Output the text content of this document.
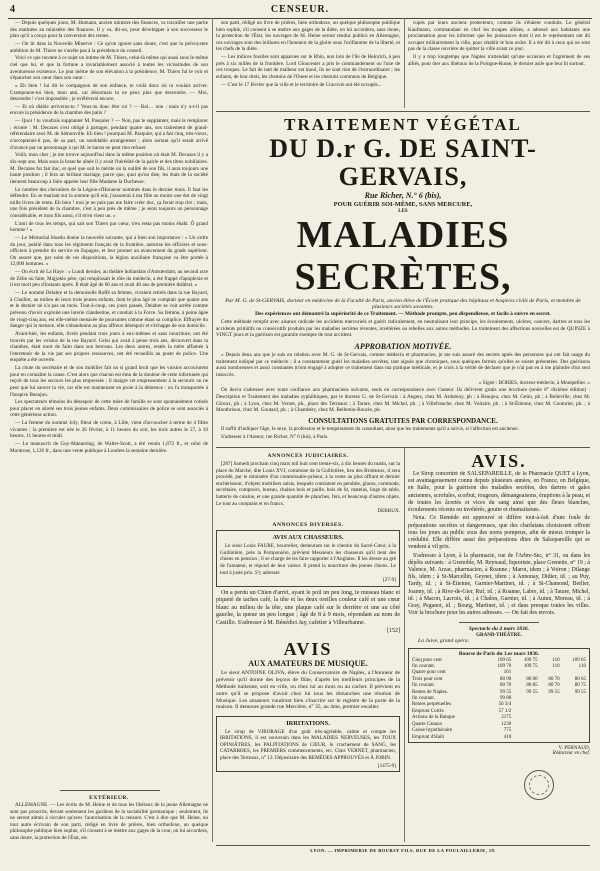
4	CENSEUR.

— Depuis quelques jours, M. Humann, ancien ministre des finances, va travailler une partie des matinées au ministère des finances. Il y va, dit-on, pour développer à son successeur le plan qu'il a conçu pour la conversion des rentes.

— On lit dans la Nouvelle Minerve : Ce qu'on ignore sans doute, c'est que la prévoyante ambition de M. Thiers ne s'arrête pas à la présidence du conseil.

Voici ce que raconte à ce sujet un intime de M. Thiers, celui-là même qui aussi sous le même ciel que lui, et que la fortune a invariablement associé à toutes les vicissitudes de son aventureuse existence. Le jour même de son élévation à la présidence, M. Thiers fut le voir et s'épancher son cœur dans son cœur :

« Eh bien ! lui dit le compagnon de son enfance, te voilà donc où tu voulais arriver. Crampoune-toi bien, mon ami, car désormais tu ne peux plus que descendre. — Moi, descendre ! c'est impossible ; je m'élèverai encore.

— Et où diable arriveras-tu ? Veux-tu donc être roi ? — Roi… non ; mais n'y a-t-il pas encore la présidence de la chambre des pairs ?

— Quoi ! tu voudrais supplanter M. Pasquier ? — Non, pas le supplanter, mais le remplacer ; écoute : M. Decazes s'est obligé à partager, pendant quatre ans, son traitement de grand-référendaire avec M. de Sémonville. Eh bien ! pourquoi M. Pasquier, qui a fait cinq, très-vieux, n'accepterait-il pas, de sa part, un semblable arrangement ; alors sortant qu'il serait arrivé d'avance par un personnage à qui M. le baron ne peut rien refuser.

Voilà, mon cher ; je me trouve aujourd'hui dans la même position où était M. Decazes il y a dix-sept ans. Mais sous la branche aînée il y avait l'hérédité de la pairie et des titres nobiliaires. M. Decazes fut fait duc, et quel que soit le mérite ou la nullité de son fils, il aura toujours une haute position ; il fera un brillant mariage, parce que, quoi qu'on dise, les états de la société tiennent beaucoup à faire appeler leur fille Madame la Duchesse.

Le nombre des chevaliers de la Légion-d'Honneur nommés dans le dernier mois. Il faut les défendre. En se mariant sur la somme qu'il eût, j'assurerai à ma fille au moins une dot de vingt mille livres de rente. Eh bien ! moi je ne puis pas me faire créer duc, ça ferait trop rire ; mais, une fois président de la chambre, c'est à peu près de même ; je serai toujours un personnage considérable, et mon fils aussi, s'il m'en vient un. »

L'ami de tous les temps, qui sait son Thiers par cœur, n'en resta pas moins ébahi. Ô grand homme ! »

— Le Mémorial bluedu donne la nouvelle suivante, qui a bien son importance : « Un ordre du jour, publié dans tous les régiments français de la frontière, autorise les officiers et sous-officiers à prendre du service en Espagne, et leur promet un avancement du grade supérieur. On assure que, par suite de ces dispositions, la légion auxiliaire française va être portée à 12,000 hommes. »

— On écrit de La Haye : « Lundi dernier, au théâtre hollandais d'Amsterdam, au second acte de Zélie où faite, Majjoklo père, qui remplissait le rôle du médecin, a été frappé d'apoplexie et il est mort peu d'instants après. Il était âgé de 66 ans et avait 40 ans de première théâtral. »

— Le nommé Delabre et la demoiselle Roffé sa femme, vivaient retirés dans la rue Bayard, à Chaillot, au milieu de leurs trois jeunes enfants, dont le plus âgé ne comptait que quatre ans et le dernier né n'a pas un mois. Tout-à-coup, ces jours passés, Delabre se voit arrêté comme prévenu d'avoir exploité une loterie clandestine, et conduit à la Force. Sa femme, à peine âgée de vingt-cinq ans, est elle-même menacée de poursuites comme étant sa complice. Effrayée du danger qui la menace, elle s'abandonne au plus affreux désespoir et s'échappe de son domicile.

Avant-hier, les enfants, livrés pendant trois jours à eux-mêmes et sans nourriture, ont été trouvés par les voisins de la rue Bayard. Celui qui avait à peine trois ans, découvert dans la chambre, était mort de faim dans son berceau. Les deux autres, restés la mère affamée à l'entretenir de la vie par ses propres ressources, ont été recueillis au poste de police. Une enquête a été ouverte.

La chute du secrétaire et de son mobilier fait un si grand bruit que les voisins accoururent pour en connaître la cause. C'est alors que chacun est ému de la douleur de cette infortunée qui reçoit de tous les secours les plus empressés ; il maigre cet empressement à la secourir on ne peut que lui sauver la vie, car elle est maintenant en proie à la démence : on l'a transportée à l'hospice Beaujon.

Les spectateurs témoins du désespoir de cette mère de famille se sont spontanément cotisés pour placer en sûreté ses trois jeunes enfants. Deux commissaires de police se sont associés à cette généreuse action.

— La femme du nommé Joly, fileur de coton, à Lille, vient d'accoucher à terme de 4 filles vivantes ; la première est née le 26 février, à 11 heures du soir, les trois autres le 27, à 10 heures, 11 heures et midi.

— Le manuscrit de Guy-Mannering, de Walter-Scott, a été vendu 1,872 fr., et celui de Montrose, 1,126 fr., dans une vente publique à Londres la semaine dernière.

EXTÉRIEUR.

ALLEMAGNE. — Les écrits de M. Heine et de tous les libéraux de la jeune Allemagne ne sont pas proscrits, devant seulement les gardiens de la sociabilité germanique ; seulement, ils ne seront admis à circuler qu'avec l'autorisation de la censure. C'est à dire que M. Heine, ou tout autre écrivain de son parti, rédigé en livre de prières, bien orthodoxe, un quelque philosophe publique bien sophie, s'il consent à se mettre aux gages de la cour, on lui accordera, sans doute, la protection de l'État, etc.

son parti, rédigé un livre de prières, bien orthodoxe, un quelque philosophe publique bien sophie, s'il consent à se mettre aux gages de la diète, on lui accordera, sans doute, la protection de l'État, les ouvrages de M. Heine seront rendus publics en Allemagne, ces ouvrages sont des brûlures en l'honneur de la gloire sous l'oriflamme de la liberté, et les chefs de la diète.

— Les milices fossiles sont apparues sur le Rhin, non loin de l'île de Heinrich, à peu près à six milles de la frontière. Lord Gloucester a pris le commandement ou l'une de ces troupes. Le fait de tant de malheur est inouï, ils ne sont rien de l'extraordinaire ; les enfants, de leur droit, les chemins de l'Ouest et les chemins communs de Belgique.

— C'est le 17 février que la ville et le territoire de Cracovie ont été occupés...

cupés par leurs anciens protecteurs, comme ils s'étaient conduits. Le général Kaufmann, commandant en chef les troupes alliées, a adressé aux habitants une proclamation pour les informer que les puissances dont il est le représentant ont dû occuper militairement la ville, pour rétablir le bon ordre. Il a été dit à ceux qui ne sont pas de la classe ouvrière de quitter la ville avant ce jour.

Il y a trop longtemps que Naples n'attendait qu'une occasion et l'agrément de ses alliés, pour ôter aux libéraux de la Pologne-Russe, le dernier asile que leur lit surtout.

TRAITEMENT VÉGÉTAL
DU D.r G. DE SAINT-GERVAIS,
Rue Richer, N.° 6 (bis),
POUR GUÉRIR SOI-MÊME, SANS MERCURE,
LES
MALADIES SECRÈTES,
Par M. G. de St-GERVAIS, docteur en médecine de la Faculté de Paris, ancien élève de l'École pratique des hôpitaux et hospices civils de Paris, et membre de plusieurs sociétés savantes.
Des expériences ont démontré la supériorité de ce Traitement. — Méthode prompte, peu dispendieuse, et facile à suivre en secret.

Cette méthode remplit avec aisance radicale les accidents mercuriels et guérit radicalement, en neutralisant leur principe, les écoulements, ulcères, cancers, dartres et tous les accidents primitifs ou consécutifs produits par les maladies secrètes récentes, invétérées ou rebelles aux autres méthodes. Le traitement des affections nouvelles est de QUINZE à VINGT jours et la guérison est garantie exempte de tout accident.

APPROBATION MOTIVÉE.

« Depuis deux ans que je suis en relation avec M. G. de St-Gervais, comme médecin et pharmacien, je me suis assuré des secrets après des personnes qui ont fait usage du traitement indiqué par ce médecin ; il a constamment guéri les maladies secrètes, tant aiguës que chroniques, sous quelques formes qu'elles se soient présentées. Des guérisons aussi nombreuses et aussi constantes m'ont engagé à adopter ce traitement dans ma pratique médicale, et je crois à la vérité de déclarer que je n'ai pas eu à me plaindre d'un seul insuccès.

» Signé : BORIES, docteur-médecin, à Montpellier. »

On devra s'adresser avec toute confiance aux pharmaciens suivants, seuls en correspondance avec l'auteur. Ils délivrent gratis une brochure (seule 8° dixième édition) : Description et Traitement des maladies syphilitiques, par le docteur G. de St-Gervais : à Angers, chez M. Ardumoy, ph ; à Beaujeu, chez M. Gelin, ph ; à Belleville, chez M. Giroux, ph ; à Lyon, chez M. Vernet, ph., place des Terreaux ; à Tarare, chez M. Michel, ph. ; à Villefranche, chez M. Voitaire, ph. ; à St-Étienne, chez M. Couturier, ph. ; à Montbrison, chez M. Goutard, ph. ; à Chambéry, chez M. Bellemin-Boucle, ph.

CONSULTATIONS GRATUITES PAR CORRESPONDANCE.

Il suffit d'indiquer l'âge, le sexe, la profession et le tempérament du consultant, ainsi que les traitements qu'il a suivis, si l'affection est ancienne.

S'adresser à l'Auteur, rue Richer, N° 6 (bis), à Paris.

ANNONCES JUDICIAIRES.

[287] Samedi prochain cinq mars mil huit cent trente-six, à dix heures du matin, sur la place du Marché, dite Louis XVI, commune de la Guillotière, lieu des Brotteaux, il sera procédé, par le ministère d'un commissaire-priseur, à la vente au plus offrant et dernier enchérisseur, d'objets mobiliers saisis, lesquels consistent en pendule, glaces, commode, secrétaire, comptoirs, bureau, chaises bois et paille, bois de lit, matelas, linge de table, batterie de cuisine, et une grande quantité de planches, fers, et beaucoup d'autres objets. Le tout au comptant et en francs.

DEBRUX.

ANNONCES DIVERSES.
AVIS AUX CHASSEURS.

Le sieur Louis FAURE, bourrelier, demeurant sur le chemin du Sacré-Cœur, à la Guillotière, près la Pomponière, prévient Messieurs les chasseurs qu'il tient des chiens en pension ; il se charge de les faire rapporter à l'Anglaise. Il les dresse au gré de l'amateur, et répond de leur valeur. Il prend la nourriture des jeunes chiens. Le tout à juste prix. S'y adresser.

[27-9]

On a perdu un Chien d'arrêt, ayant le poil un peu long, le museau blanc et piqueté de taches café, la tête et les deux oreilles couleur café et une cœur blanc au milieu de la tête, une plaque café sur le derrière et une au côté gauche, la queue un peu longue ; âgé de 8 à 9 mois, répondant au nom de Castillo. S'adresser à M. Bénédict Jay, cafetier à Villeurbanne.

[152]

AVIS
AUX AMATEURS DE MUSIQUE.

Le sieur ANTOINE OLIVA, élève du Conservatoire de Naples, a l'honneur de prévenir qu'il donne des leçons de flûte, d'après les meilleurs principes de la Méthode italienne, soit en ville, ou chez lui au mois ou au cachet. Il prévient en outre qu'il se propose d'avoir chez lui tous les dimanches une réunion de Musique. Les amateurs voudront bien s'inscrire sur le registre de la porte de la maison. Il demeure grande rue Mercière, n° 35, au 4me, premier escalier.

IRRITATIONS.

Le sirop de VIRORAGE d'un goût très-agréable, calme et compte les IRRITATIONS, il est souverain dans les MALADIES NERVEUSES, les TOUX OPINIÂTRES, les PALPITATIONS de CŒUR, le crachement de SANG, les CATARRHES, les PREMIERS commencements, etc. Chez VERNET, pharmacien, place des Terreaux, n° 13. Dépositaire des REMÈDES APPROUVÉS et À JOBIN.

[1475-9]

AVIS.

Le Sirop concentré de SALSEPAREILLE, de la Pharmacie QUET à Lyon, est avantageusement connu depuis plusieurs années, en France, en Belgique, en Italie, pour la guérison des maladies secrètes, des dartres et gales anciennes, scrofules, scorbut, rougeurs, démangeaisons, éruptions à la peau, et de toutes les âcretés et vices du sang ainsi que des fleurs blanches, écoulements récents ou invétérés, goutte et rhumatismes.

Nota. Ce Remède est approuvé et diffère tout-à-fait d'une foule de préparations secrètes et dangereuses, que des charlatans choisissent offrent tous les jours au public sous des noms pompeux, afin de mieux tromper la crédulité. Elle diffère aussi des préparations dites de Salsepareille qui se vendent à vil prix.

S'adresser à Lyon, à la pharmacie, rue de l'Arbre-Sec, n° 31, ou dans les dépôts suivants : à Grenoble, M. Reynaud, liquoriste, place Grenette, n° 19 ; à Valence, M. Arzac, pharmacien, à Roanne ; Marot, idem ; à Voiron ; Dilange fils, idem ; à St-Marcellin, Geynet, idem ; à Annonay, Didier, id. ; au Puy, Tardy, id. ; à St-Étienne, Garnier-Martinet, id. ; à St-Chamond, Berlier, Joanny, id. ; à Rive-de-Gier, Ruf, id. ; à Roanne, Labre, id. ; à Tarare, Michel, id. ; à Macon, Lacroix, id. ; à Chalon, Garnier, id. ; à Autun, Moreau, id. ; à Gray, Peganot, id. ; Bourg, Martinet, id. ; et dans presque toutes les villes. Voir la brochure pour les autres adresses. — On fait des envois.

Spectacle du 4 mars 1836.
GRAND-THÉÂTRE.
La Juive, grand opéra.
Bourse de Paris du 1.er mars 1836.
Cinq pour cent	109 65	109 75	110	109 65
fin courant.	109 70	109 75	110	110
Quatre pour cent	101			
Trois pour cent	80 90	80 00	80 70	80 65
fin courant.	80 70	80 85	80 70	80 75
Rentes de Naples.	99 55	99 55	99 55	99 55
fin courant.	99 80			
Rentes perpétuelles	56 3/4			
Emprunt Cortès	57 1/2			
Actions de la Banque	2175			
Quatre Canaux	1230			
Caisse hypothécaire	775			
Emprunt d'Haïti	410			
V. PERNAUD,
Rédacteur en chef.
LYON. — IMPRIMERIE DE BOURSY FILS, RUE DE LA POULAILLERIE, 19.
